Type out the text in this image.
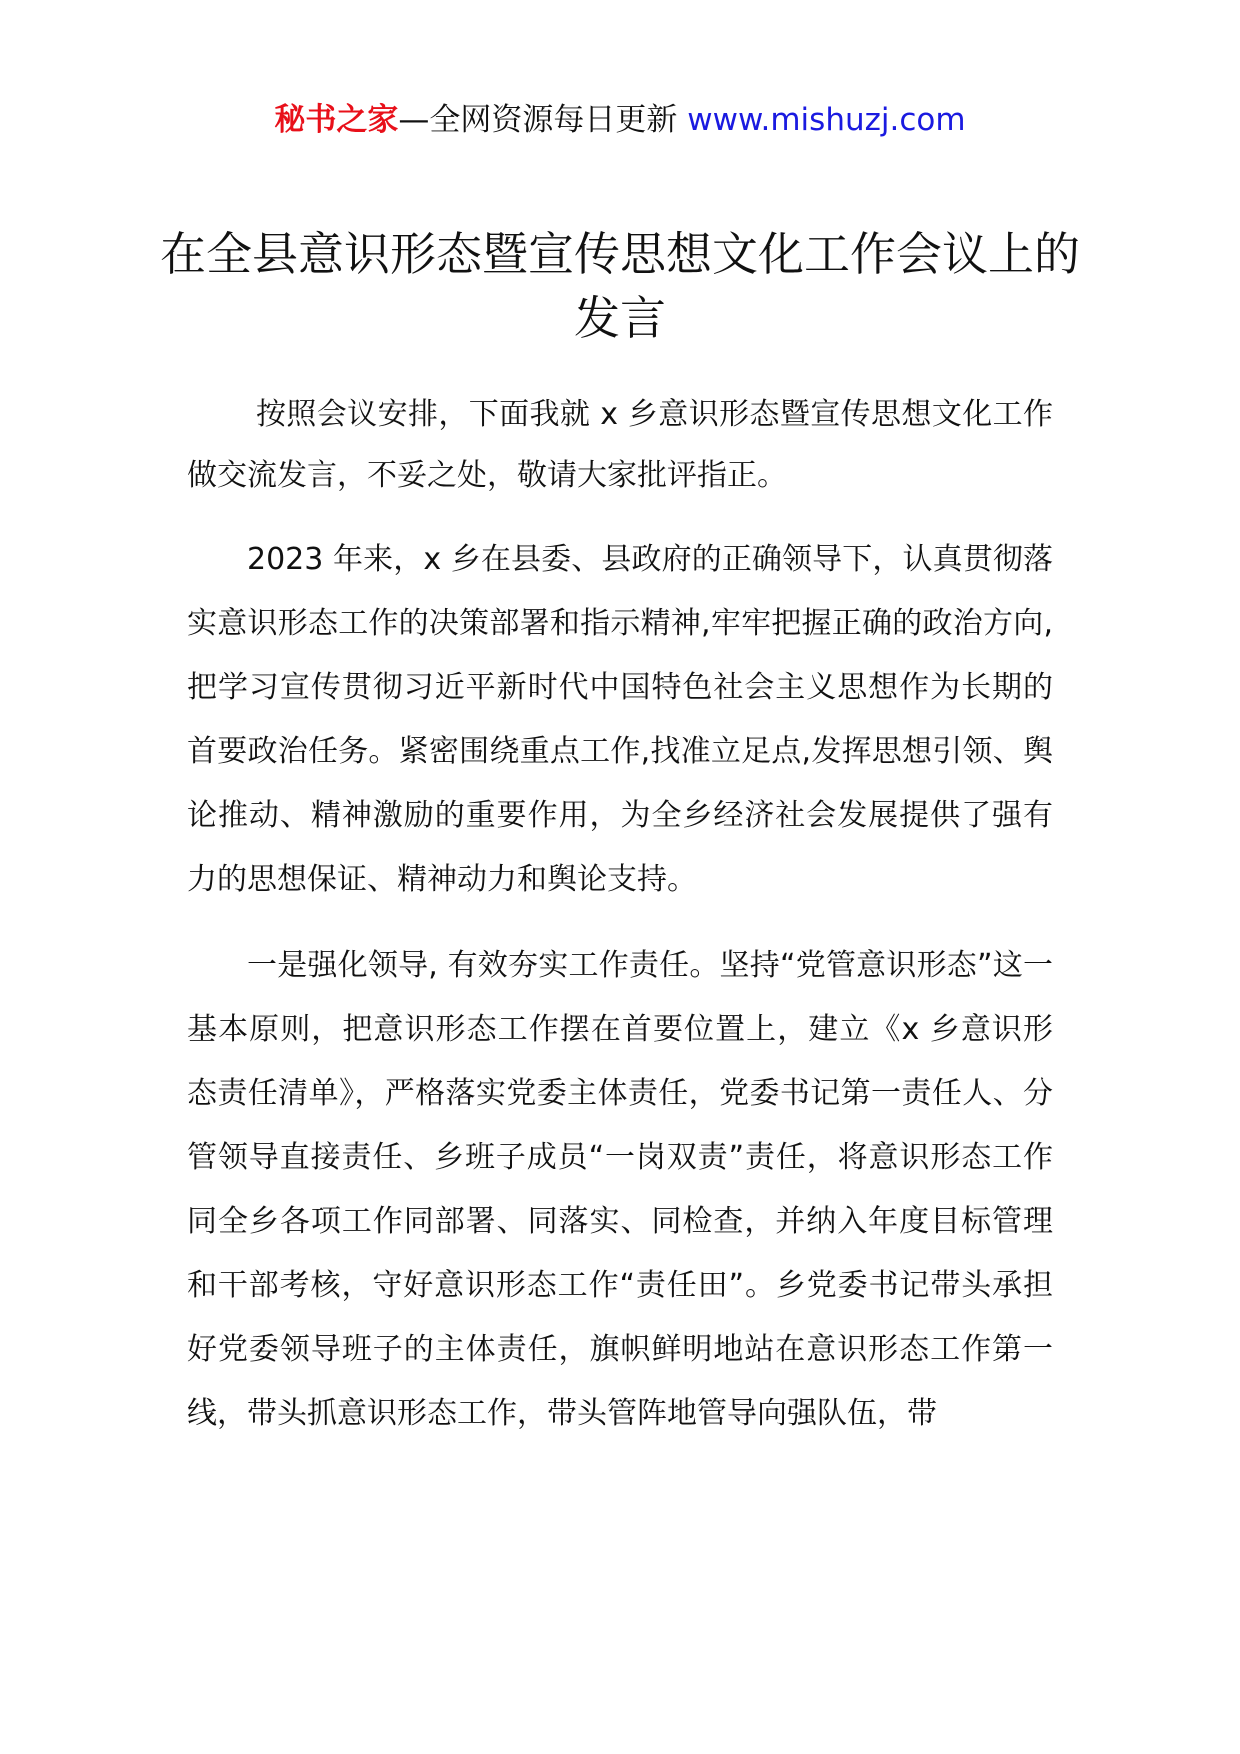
秘书之家—全网资源每日更新 www.mishuzj.com
在全县意识形态暨宣传思想文化工作会议上的发言

按照会议安排，下面我就 x 乡意识形态暨宣传思想文化工作做交流发言，不妥之处，敬请大家批评指正。

2023 年来，x 乡在县委、县政府的正确领导下，认真贯彻落实意识形态工作的决策部署和指示精神,牢牢把握正确的政治方向,把学习宣传贯彻习近平新时代中国特色社会主义思想作为长期的首要政治任务。紧密围绕重点工作,找准立足点,发挥思想引领、舆论推动、精神激励的重要作用，为全乡经济社会发展提供了强有力的思想保证、精神动力和舆论支持。

一是强化领导, 有效夯实工作责任。坚持“党管意识形态”这一基本原则，把意识形态工作摆在首要位置上，建立《x 乡意识形态责任清单》，严格落实党委主体责任，党委书记第一责任人、分管领导直接责任、乡班子成员“一岗双责”责任，将意识形态工作同全乡各项工作同部署、同落实、同检查，并纳入年度目标管理和干部考核，守好意识形态工作“责任田”。乡党委书记带头承担好党委领导班子的主体责任，旗帜鲜明地站在意识形态工作第一线，带头抓意识形态工作，带头管阵地管导向强队伍，带
